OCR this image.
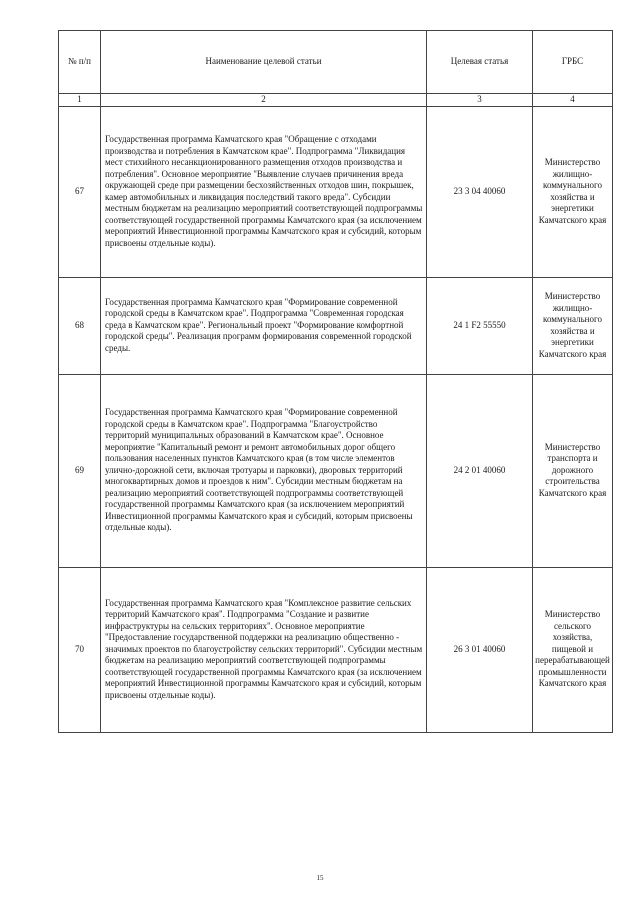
№ п/п	Наименование целевой статьи	Целевая статья	ГРБС
1	2	3	4
67	Государственная программа Камчатского края "Обращение с отходами производства и потребления в Камчатском крае". Подпрограмма "Ликвидация мест стихийного несанкционированного размещения отходов производства и потребления". Основное мероприятие "Выявление случаев причинения вреда окружающей среде при размещении бесхозяйственных отходов шин, покрышек, камер автомобильных и ликвидация последствий такого вреда". Субсидии местным бюджетам на реализацию мероприятий соответствующей подпрограммы соответствующей государственной программы Камчатского края (за исключением мероприятий Инвестиционной программы Камчатского края и субсидий, которым присвоены отдельные коды).	23 3 04 40060	Министерство жилищно-коммунального хозяйства и энергетики Камчатского края
68	Государственная программа Камчатского края "Формирование современной городской среды в Камчатском крае". Подпрограмма "Современная городская среда в Камчатском крае". Региональный проект "Формирование комфортной городской среды". Реализация программ формирования современной городской среды.	24 1 F2 55550	Министерство жилищно-коммунального хозяйства и энергетики Камчатского края
69	Государственная программа Камчатского края "Формирование современной городской среды в Камчатском крае". Подпрограмма "Благоустройство территорий муниципальных образований в Камчатском крае". Основное мероприятие "Капитальный ремонт и ремонт автомобильных дорог общего пользования населенных пунктов Камчатского края (в том числе элементов улично-дорожной сети, включая тротуары и парковки), дворовых территорий многоквартирных домов и проездов к ним". Субсидии местным бюджетам на реализацию мероприятий соответствующей подпрограммы соответствующей государственной программы Камчатского края (за исключением мероприятий Инвестиционной программы Камчатского края и субсидий, которым присвоены отдельные коды).	24 2 01 40060	Министерство транспорта и дорожного строительства Камчатского края
70	Государственная программа Камчатского края "Комплексное развитие сельских территорий Камчатского края". Подпрограмма "Создание и развитие инфраструктуры на сельских территориях". Основное мероприятие "Предоставление государственной поддержки на реализацию общественно - значимых проектов по благоустройству сельских территорий". Субсидии местным бюджетам на реализацию мероприятий соответствующей подпрограммы соответствующей государственной программы Камчатского края (за исключением мероприятий Инвестиционной программы Камчатского края и субсидий, которым присвоены отдельные коды).	26 3 01 40060	Министерство сельского хозяйства, пищевой и перерабатывающей промышленности Камчатского края
15
